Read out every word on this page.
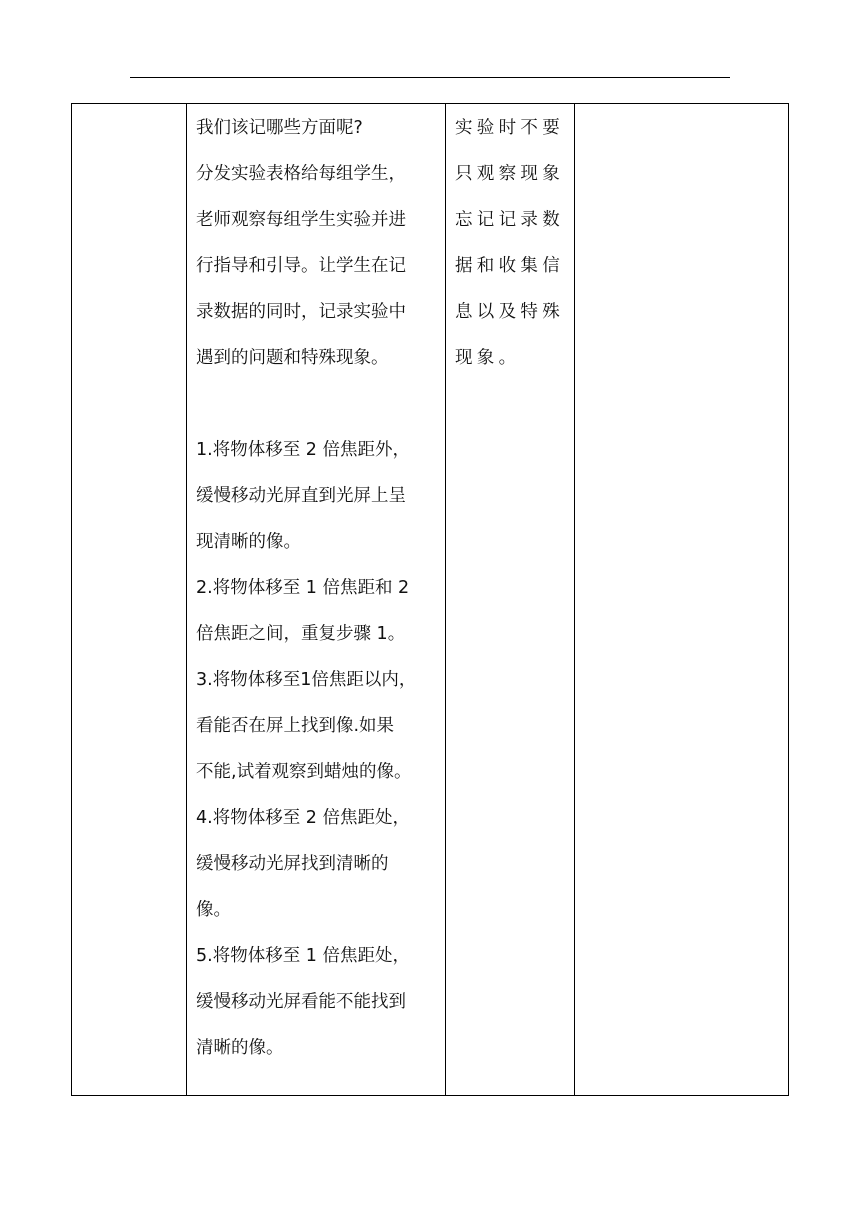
我们该记哪些方面呢?
分发实验表格给每组学生，
老师观察每组学生实验并进
行指导和引导。让学生在记
录数据的同时，记录实验中
遇到的问题和特殊现象。
1.将物体移至 2 倍焦距外，
缓慢移动光屏直到光屏上呈
现清晰的像。
2.将物体移至 1 倍焦距和 2
倍焦距之间，重复步骤 1。
3.将物体移至1倍焦距以内，
看能否在屏上找到像.如果
不能,试着观察到蜡烛的像。
4.将物体移至 2 倍焦距处，
缓慢移动光屏找到清晰的
像。
5.将物体移至 1 倍焦距处，
缓慢移动光屏看能不能找到
清晰的像。
实验时不要
只观察现象
忘记记录数
据和收集信
息以及特殊
现象。
